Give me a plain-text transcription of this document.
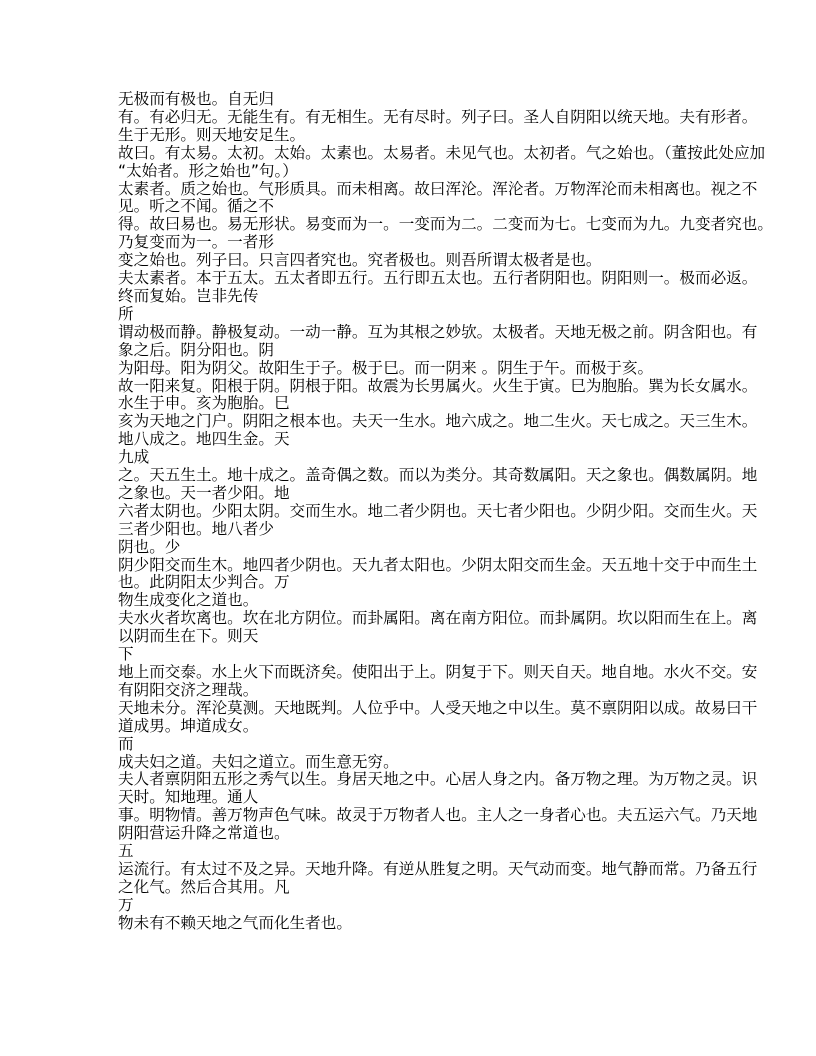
无极而有极也。自无归
有。有必归无。无能生有。有无相生。无有尽时。列子曰。圣人自阴阳以统天地。夫有形者。
生于无形。则天地安足生。
故曰。有太易。太初。太始。太素也。太易者。未见气也。太初者。气之始也。（董按此处应加
“太始者。形之始也”句。）
太素者。质之始也。气形质具。而未相离。故曰浑沦。浑沦者。万物浑沦而未相离也。视之不
见。听之不闻。循之不
得。故曰易也。易无形状。易变而为一。一变而为二。二变而为七。七变而为九。九变者究也。
乃复变而为一。一者形
变之始也。列子曰。只言四者究也。究者极也。则吾所谓太极者是也。
夫太素者。本于五太。五太者即五行。五行即五太也。五行者阴阳也。阴阳则一。极而必返。
终而复始。岂非先传
所
谓动极而静。静极复动。一动一静。互为其根之妙欤。太极者。天地无极之前。阴含阳也。有
象之后。阴分阳也。阴
为阳母。阳为阴父。故阳生于子。极于巳。而一阴来 。阴生于午。而极于亥。
故一阳来复。阳根于阴。阴根于阳。故震为长男属火。火生于寅。巳为胞胎。巽为长女属水。
水生于申。亥为胞胎。巳
亥为天地之门户。阴阳之根本也。夫天一生水。地六成之。地二生火。天七成之。天三生木。
地八成之。地四生金。天
九成
之。天五生土。地十成之。盖奇偶之数。而以为类分。其奇数属阳。天之象也。偶数属阴。地
之象也。天一者少阳。地
六者太阴也。少阳太阴。交而生水。地二者少阴也。天七者少阳也。少阴少阳。交而生火。天
三者少阳也。地八者少
阴也。少
阴少阳交而生木。地四者少阴也。天九者太阳也。少阴太阳交而生金。天五地十交于中而生土
也。此阴阳太少判合。万
物生成变化之道也。
夫水火者坎离也。坎在北方阴位。而卦属阳。离在南方阳位。而卦属阴。坎以阳而生在上。离
以阴而生在下。则天
下
地上而交泰。水上火下而既济矣。使阳出于上。阴复于下。则天自天。地自地。水火不交。安
有阴阳交济之理哉。
天地未分。浑沦莫测。天地既判。人位乎中。人受天地之中以生。莫不禀阴阳以成。故易曰干
道成男。坤道成女。
而
成夫妇之道。夫妇之道立。而生意无穷。
夫人者禀阴阳五形之秀气以生。身居天地之中。心居人身之内。备万物之理。为万物之灵。识
天时。知地理。通人
事。明物情。善万物声色气味。故灵于万物者人也。主人之一身者心也。夫五运六气。乃天地
阴阳营运升降之常道也。
五
运流行。有太过不及之异。天地升降。有逆从胜复之明。天气动而变。地气静而常。乃备五行
之化气。然后合其用。凡
万
物未有不赖天地之气而化生者也。
